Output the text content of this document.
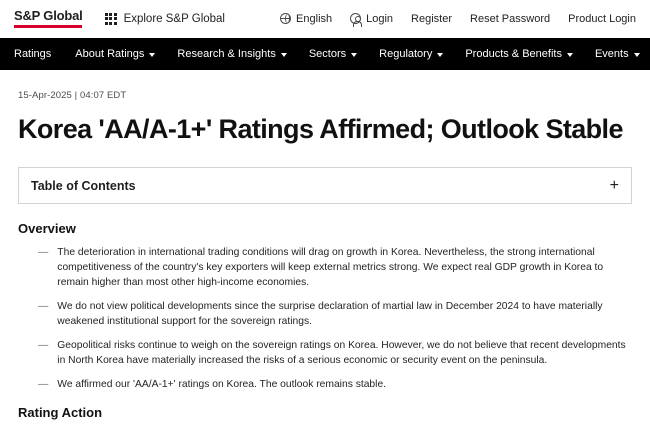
S&P Global	Explore S&P Global	English	Login Register Reset Password Product Login
Ratings About Ratings	Research & Insights	Sectors	Regulatory	Products & Benefits	Events
15-Apr-2025 | 04:07 EDT
Korea 'AA/A-1+' Ratings Affirmed; Outlook Stable
Table of Contents	+
Overview
— The deterioration in international trading conditions will drag on growth in Korea. Nevertheless, the strong international competitiveness of the country's key exporters will keep external metrics strong. We expect real GDP growth in Korea to remain higher than most other high-income economies.
— We do not view political developments since the surprise declaration of martial law in December 2024 to have materially weakened institutional support for the sovereign ratings.
— Geopolitical risks continue to weigh on the sovereign ratings on Korea. However, we do not believe that recent developments in North Korea have materially increased the risks of a serious economic or security event on the peninsula.
— We affirmed our 'AA/A-1+' ratings on Korea. The outlook remains stable.
Rating Action
